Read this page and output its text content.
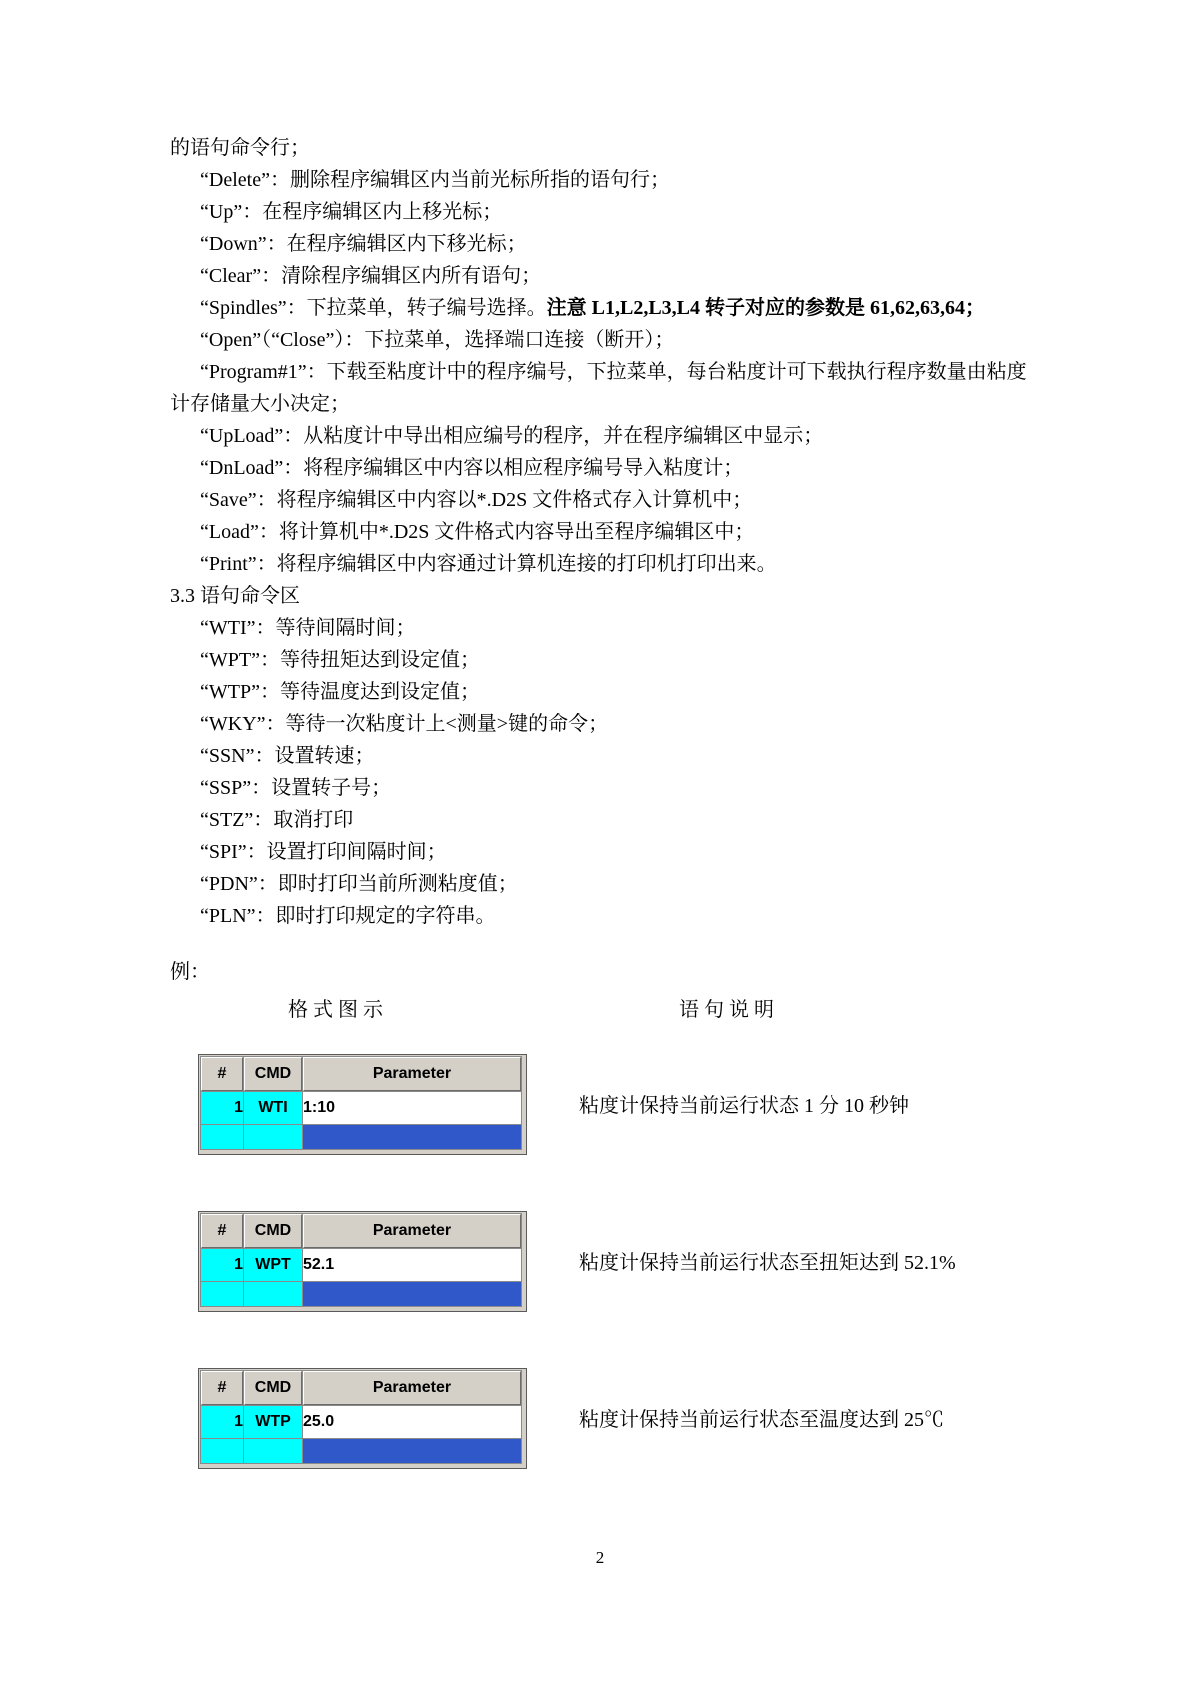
的语句命令行；

“Delete”：删除程序编辑区内当前光标所指的语句行；

“Up”：在程序编辑区内上移光标；

“Down”：在程序编辑区内下移光标；

“Clear”：清除程序编辑区内所有语句；

“Spindles”：下拉菜单，转子编号选择。注意 L1,L2,L3,L4 转子对应的参数是 61,62,63,64；

“Open”（“Close”）：下拉菜单，选择端口连接（断开）；

“Program#1”：下载至粘度计中的程序编号，下拉菜单，每台粘度计可下载执行程序数量由粘度计存储量大小决定；

“UpLoad”：从粘度计中导出相应编号的程序，并在程序编辑区中显示；

“DnLoad”：将程序编辑区中内容以相应程序编号导入粘度计；

“Save”：将程序编辑区中内容以*.D2S 文件格式存入计算机中；

“Load”：将计算机中*.D2S 文件格式内容导出至程序编辑区中；

“Print”：将程序编辑区中内容通过计算机连接的打印机打印出来。

3.3 语句命令区

“WTI”：等待间隔时间；

“WPT”：等待扭矩达到设定值；

“WTP”：等待温度达到设定值；

“WKY”：等待一次粘度计上<测量>键的命令；

“SSN”：设置转速；

“SSP”：设置转子号；

“STZ”：取消打印

“SPI”：设置打印间隔时间；

“PDN”：即时打印当前所测粘度值；

“PLN”：即时打印规定的字符串。

例：

格 式 图 示	语 句 说 明
#	CMD	Parameter
1	WTI	1:10
			粘度计保持当前运行状态 1 分 10 秒钟
#	CMD	Parameter
1	WPT	52.1
			粘度计保持当前运行状态至扭矩达到 52.1%
#	CMD	Parameter
1	WTP	25.0
			粘度计保持当前运行状态至温度达到 25℃
2
